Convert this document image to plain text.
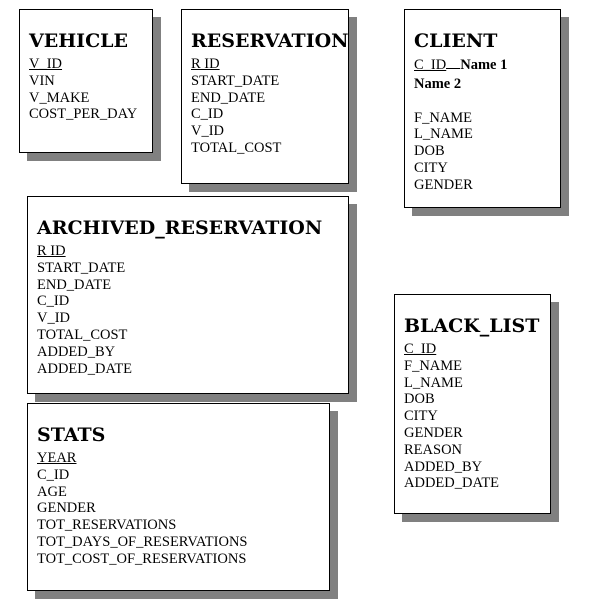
VEHICLE
V_ID
VIN
V_MAKE
COST_PER_DAY
RESERVATION
R ID
START_DATE
END_DATE
C_ID
V_ID
TOTAL_COST
CLIENT
C_ID Name 1
Name 2
F_NAME
L_NAME
DOB
CITY
GENDER
ARCHIVED_RESERVATION
R ID
START_DATE
END_DATE
C_ID
V_ID
TOTAL_COST
ADDED_BY
ADDED_DATE
BLACK_LIST
C_ID
F_NAME
L_NAME
DOB
CITY
GENDER
REASON
ADDED_BY
ADDED_DATE
STATS
YEAR
C_ID
AGE
GENDER
TOT_RESERVATIONS
TOT_DAYS_OF_RESERVATIONS
TOT_COST_OF_RESERVATIONS
